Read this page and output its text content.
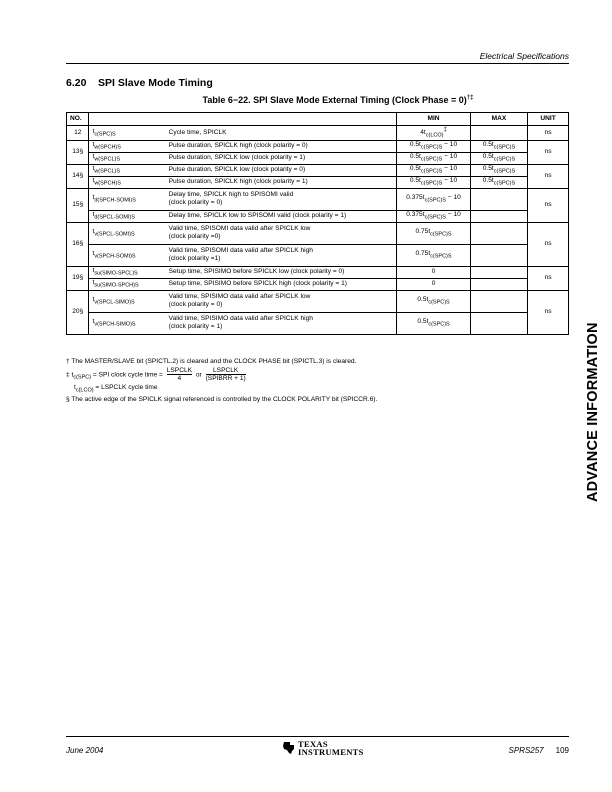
Electrical Specifications
6.20 SPI Slave Mode Timing
Table 6−22. SPI Slave Mode External Timing (Clock Phase = 0)†‡
NO.			MIN	MAX	UNIT
12	$t_{c(SPC)S}$	Cycle time, SPICLK	$4t_{c(LCO)}^\ddagger$		ns
13§	$t_{w(SPCH)S}$	Pulse duration, SPICLK high (clock polarity = 0)	$0.5t_{c(SPC)S} - 10$	$0.5t_{c(SPC)S}$	ns
	$t_{w(SPCL)S}$	Pulse duration, SPICLK low (clock polarity = 1)	$0.5t_{c(SPC)S} - 10$	$0.5t_{c(SPC)S}$
14§	$t_{w(SPCL)S}$	Pulse duration, SPICLK low (clock polarity = 0)	$0.5t_{c(SPC)S} - 10$	$0.5t_{c(SPC)S}$	ns
	$t_{w(SPCH)S}$	Pulse duration, SPICLK high (clock polarity = 1)	$0.5t_{c(SPC)S} - 10$	$0.5t_{c(SPC)S}$
15§	$t_{d(SPCH-SOMI)S}$	Delay time, SPICLK high to SPISOMI valid
(clock polarity = 0)	$0.375t_{c(SPC)S} - 10$		ns
	$t_{d(SPCL-SOMI)S}$	Delay time, SPICLK low to SPISOMI valid (clock polarity = 1)	$0.375t_{c(SPC)S} - 10$		
16§	$t_{v(SPCL-SOMI)S}$	Valid time, SPISOMI data valid after SPICLK low
(clock polarity =0)	$0.75t_{c(SPC)S}$		ns
	$t_{v(SPCH-SOMI)S}$	Valid time, SPISOMI data valid after SPICLK high
(clock polarity =1)	$0.75t_{c(SPC)S}$	
19§	$t_{su(SIMO-SPCL)S}$	Setup time, SPISIMO before SPICLK low (clock polarity = 0)	0		ns
	$t_{su(SIMO-SPCH)S}$	Setup time, SPISIMO before SPICLK high (clock polarity = 1)	0		
20§	$t_{v(SPCL-SIMO)S}$	Valid time, SPISIMO data valid after SPICLK low
(clock polarity = 0)	$0.5t_{c(SPC)S}$		ns
	$t_{v(SPCH-SIMO)S}$	Valid time, SPISIMO data valid after SPICLK high
(clock polarity = 1)	$0.5t_{c(SPC)S}$	
† The MASTER/SLAVE bit (SPICTL.2) is cleared and the CLOCK PHASE bit (SPICTL.3) is cleared.
‡ $t_{c(SPC)}$ = SPI clock cycle time = $\frac{\text{LSPCLK}}{4}$ or $\frac{\text{LSPCLK}}{\text{(SPIBRR + 1)}}$
$t_{c(LCO)}$ = LSPCLK cycle time
§ The active edge of the SPICLK signal referenced is controlled by the CLOCK POLARITY bit (SPICCR.6).	ADVANCE INFORMATION
June 2004
TEXAS
INSTRUMENTS	SPRS257 109
